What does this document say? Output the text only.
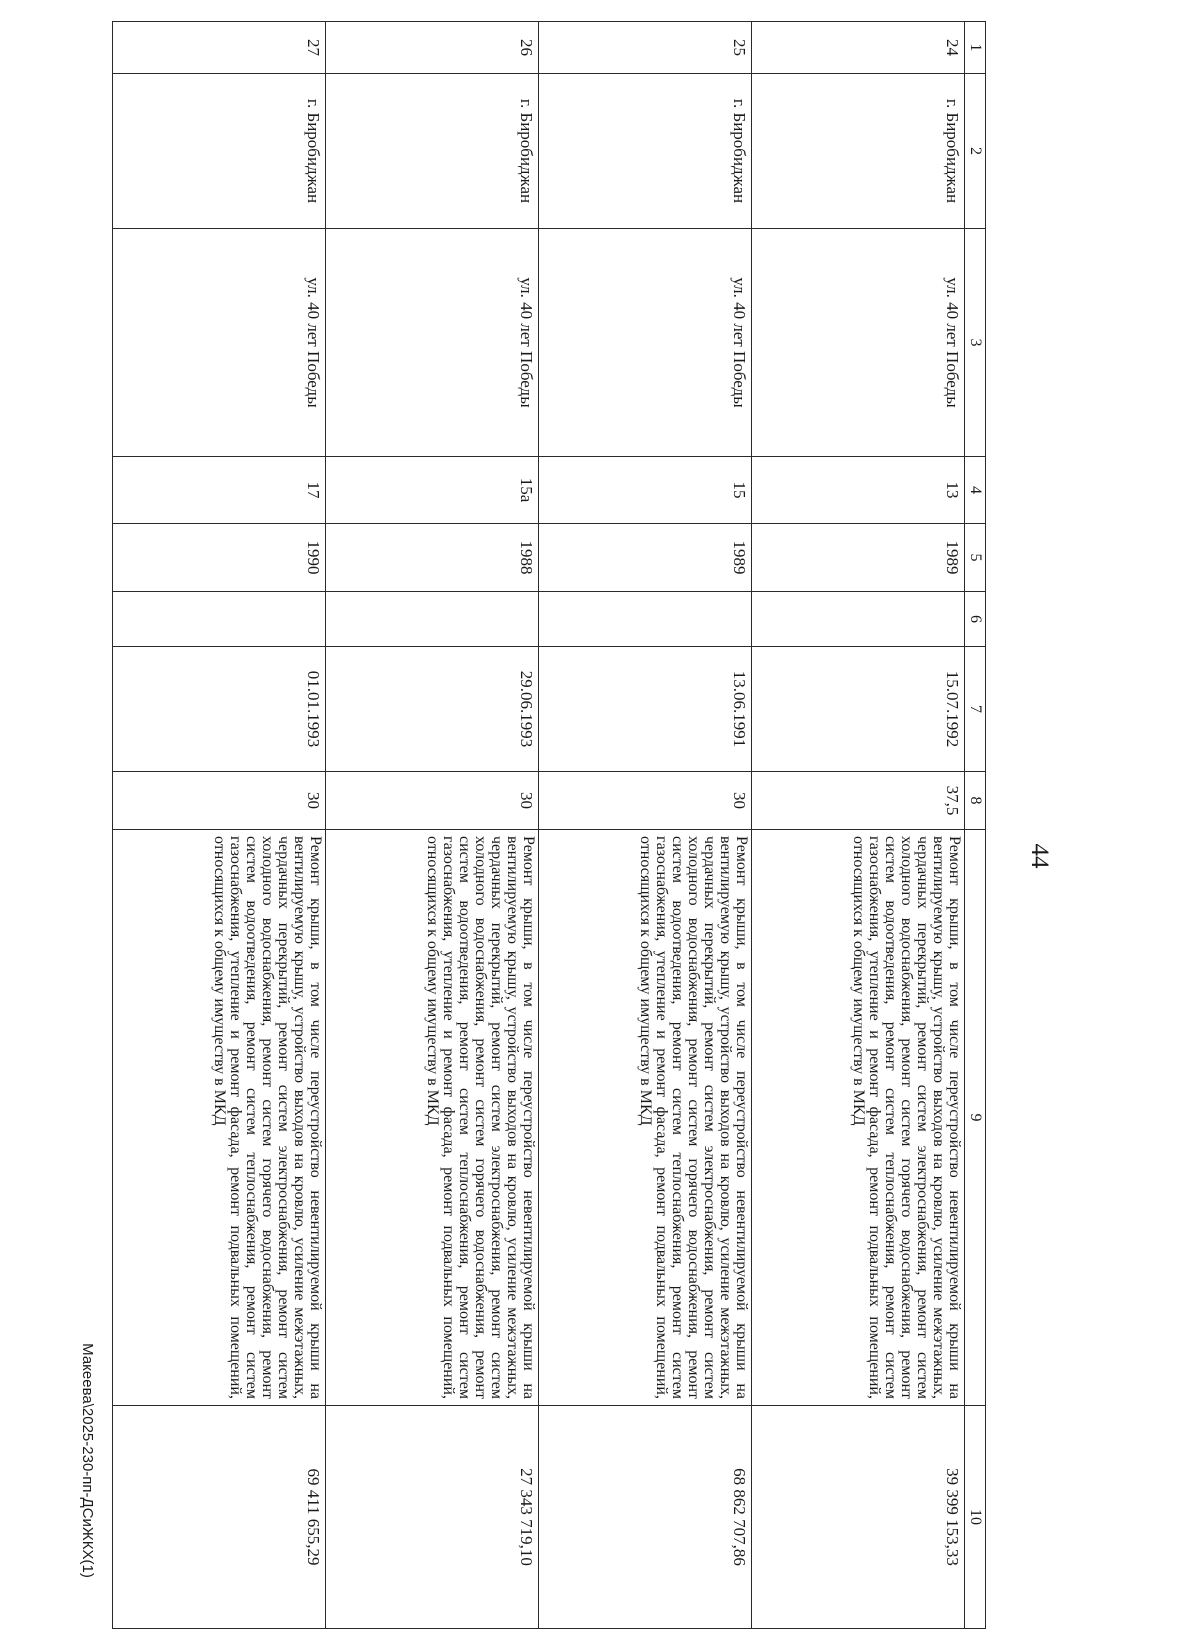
44
1	2	3	4	5	6	7	8	9	10
24	г. Биробиджан	ул. 40 лет Победы	13	1989		15.07.1992	37,5	Ремонт крыши, в том числе переустройство невентилируемой крыши на вентилируемую крышу, устройство выходов на кровлю, усиление межэтажных, чердачных перекрытий, ремонт систем электроснабжения, ремонт систем холодного водоснабжения, ремонт систем горячего водоснабжения, ремонт систем водоотведения, ремонт систем теплоснабжения, ремонт систем газоснабжения, утепление и ремонт фасада, ремонт подвальных помещений, относящихся к общему имуществу в МКД	39 399 153,33
25	г. Биробиджан	ул. 40 лет Победы	15	1989		13.06.1991	30	Ремонт крыши, в том числе переустройство невентилируемой крыши на вентилируемую крышу, устройство выходов на кровлю, усиление межэтажных, чердачных перекрытий, ремонт систем электроснабжения, ремонт систем холодного водоснабжения, ремонт систем горячего водоснабжения, ремонт систем водоотведения, ремонт систем теплоснабжения, ремонт систем газоснабжения, утепление и ремонт фасада, ремонт подвальных помещений, относящихся к общему имуществу в МКД	68 862 707,86
26	г. Биробиджан	ул. 40 лет Победы	15а	1988		29.06.1993	30	Ремонт крыши, в том числе переустройство невентилируемой крыши на вентилируемую крышу, устройство выходов на кровлю, усиление межэтажных, чердачных перекрытий, ремонт систем электроснабжения, ремонт систем холодного водоснабжения, ремонт систем горячего водоснабжения, ремонт систем водоотведения, ремонт систем теплоснабжения, ремонт систем газоснабжения, утепление и ремонт фасада, ремонт подвальных помещений, относящихся к общему имуществу в МКД	27 343 719,10
27	г. Биробиджан	ул. 40 лет Победы	17	1990		01.01.1993	30	Ремонт крыши, в том числе переустройство невентилируемой крыши на вентилируемую крышу, устройство выходов на кровлю, усиление межэтажных, чердачных перекрытий, ремонт систем электроснабжения, ремонт систем холодного водоснабжения, ремонт систем горячего водоснабжения, ремонт систем водоотведения, ремонт систем теплоснабжения, ремонт систем газоснабжения, утепление и ремонт фасада, ремонт подвальных помещений, относящихся к общему имуществу в МКД	69 411 655,29
Макеева\2025-230-пп-ДСиЖКХ(1)
